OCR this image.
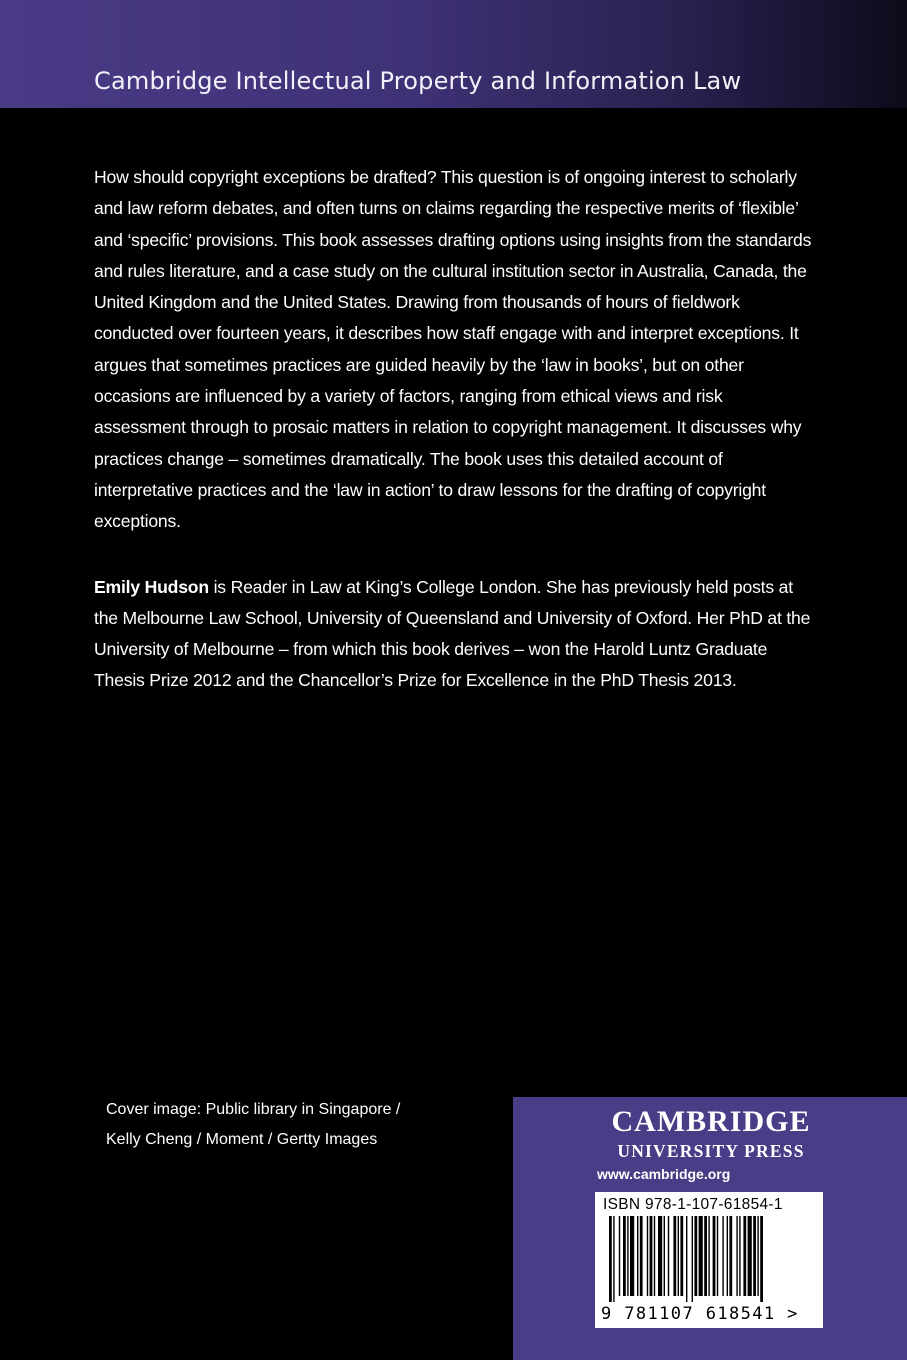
Cambridge Intellectual Property and Information Law
How should copyright exceptions be drafted? This question is of ongoing interest to scholarly and law reform debates, and often turns on claims regarding the respective merits of ‘flexible’ and ‘specific’ provisions. This book assesses drafting options using insights from the standards and rules literature, and a case study on the cultural institution sector in Australia, Canada, the United Kingdom and the United States. Drawing from thousands of hours of fieldwork conducted over fourteen years, it describes how staff engage with and interpret exceptions. It argues that sometimes practices are guided heavily by the ‘law in books’, but on other occasions are influenced by a variety of factors, ranging from ethical views and risk assessment through to prosaic matters in relation to copyright management. It discusses why practices change – sometimes dramatically. The book uses this detailed account of interpretative practices and the ‘law in action’ to draw lessons for the drafting of copyright exceptions.
Emily Hudson is Reader in Law at King’s College London. She has previously held posts at the Melbourne Law School, University of Queensland and University of Oxford. Her PhD at the University of Melbourne – from which this book derives – won the Harold Luntz Graduate Thesis Prize 2012 and the Chancellor’s Prize for Excellence in the PhD Thesis 2013.
Cover image: Public library in Singapore /
Kelly Cheng / Moment / Gertty Images
CAMBRIDGE
UNIVERSITY PRESS
www.cambridge.org
ISBN 978-1-107-61854-1
9 781107 618541 >
